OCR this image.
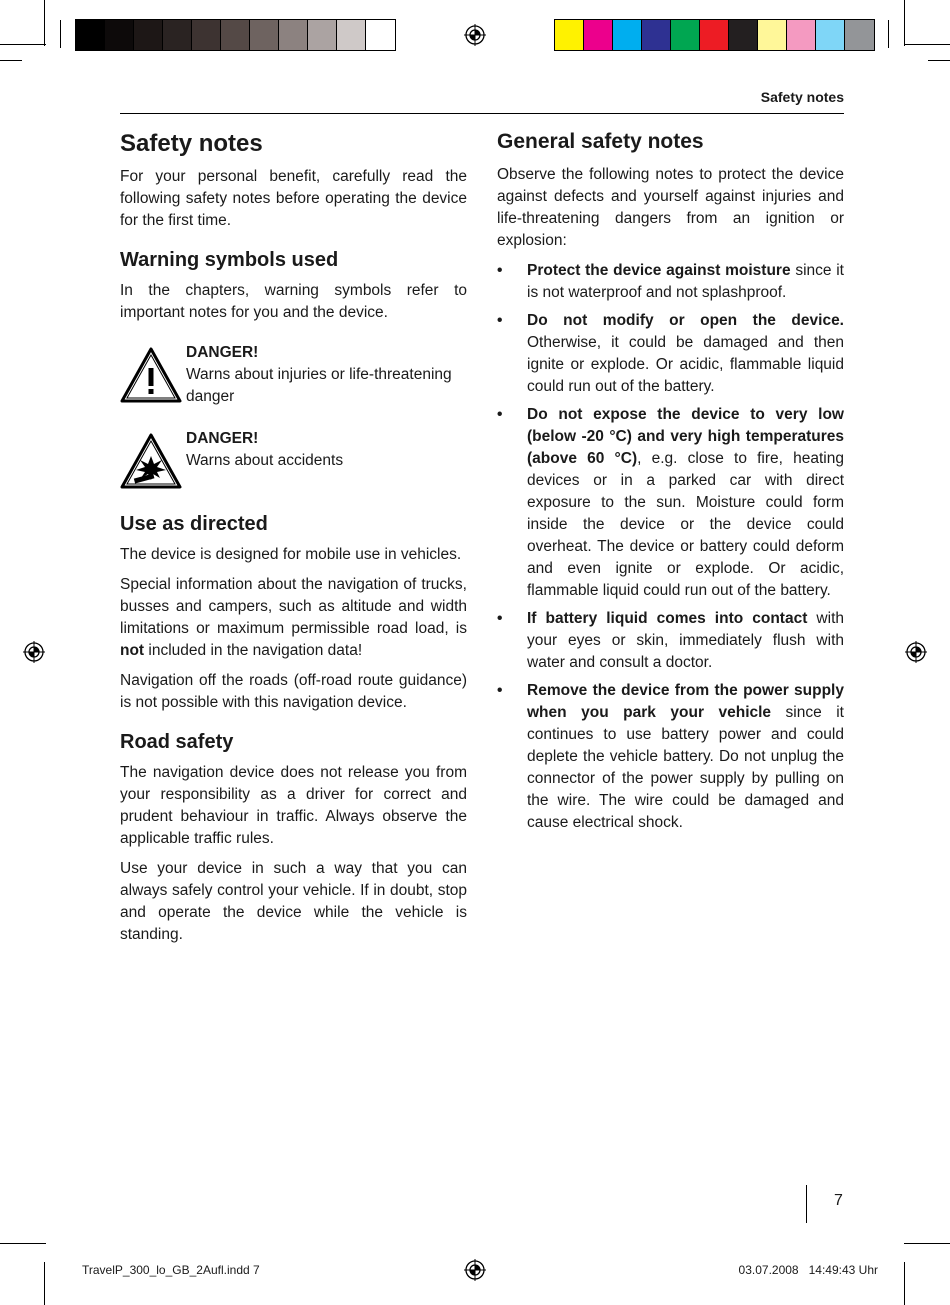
Safety notes
Safety notes

For your personal benefit, carefully read the following safety notes before operating the device for the first time.

Warning symbols used

In the chapters, warning symbols refer to important notes for you and the device.

DANGER!
Warns about injuries or life-threatening danger
DANGER!
Warns about accidents
Use as directed

The device is designed for mobile use in vehicles.

Special information about the navigation of trucks, busses and campers, such as altitude and width limitations or maximum permissible road load, is not included in the navigation data!

Navigation off the roads (off-road route guidance) is not possible with this navigation device.

Road safety

The navigation device does not release you from your responsibility as a driver for correct and prudent behaviour in traffic. Always observe the applicable traffic rules.

Use your device in such a way that you can always safely control your vehicle. If in doubt, stop and operate the device while the vehicle is standing.

General safety notes

Observe the following notes to protect the device against defects and yourself against injuries and life-threatening dangers from an ignition or explosion:

• Protect the device against moisture since it is not waterproof and not splashproof.
• Do not modify or open the device. Otherwise, it could be damaged and then ignite or explode. Or acidic, flammable liquid could run out of the battery.
• Do not expose the device to very low (below -20 °C) and very high temperatures (above 60 °C), e.g. close to fire, heating devices or in a parked car with direct exposure to the sun. Moisture could form inside the device or the device could overheat. The device or battery could deform and even ignite or explode. Or acidic, flammable liquid could run out of the battery.
• If battery liquid comes into contact with your eyes or skin, immediately flush with water and consult a doctor.
• Remove the device from the power supply when you park your vehicle since it continues to use battery power and could deplete the vehicle battery. Do not unplug the connector of the power supply by pulling on the wire. The wire could be damaged and cause electrical shock.
7
TravelP_300_lo_GB_2Aufl.indd 7	03.07.2008   14:49:43 Uhr
